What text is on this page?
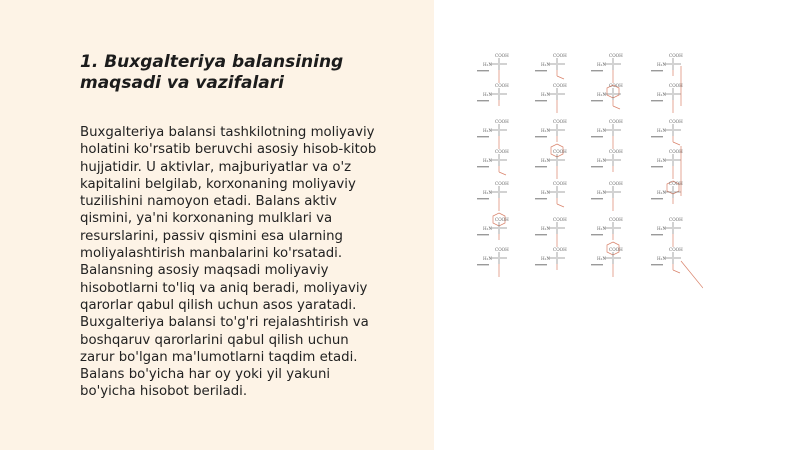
1. Buxgalteriya balansining maqsadi va vazifalari

Buxgalteriya balansi tashkilotning moliyaviy
holatini ko'rsatib beruvchi asosiy hisob-kitob
hujjatidir. U aktivlar, majburiyatlar va o'z
kapitalini belgilab, korxonaning moliyaviy
tuzilishini namoyon etadi. Balans aktiv
qismini, ya'ni korxonaning mulklari va
resurslarini, passiv qismini esa ularning
moliyalashtirish manbalarini ko'rsatadi.
Balansning asosiy maqsadi moliyaviy
hisobotlarni to'liq va aniq beradi, moliyaviy
qarorlar qabul qilish uchun asos yaratadi.
Buxgalteriya balansi to'g'ri rejalashtirish va
boshqaruv qarorlarini qabul qilish uchun
zarur bo'lgan ma'lumotlarni taqdim etadi.
Balans bo'yicha har oy yoki yil yakuni
bo'yicha hisobot beriladi.

COOH
H₂N
COOH
H₂N
COOH
H₂N
COOH
H₂N
COOH
H₂N
COOH
H₂N
COOH
H₂N
COOH
H₂N
COOH
H₂N
COOH
H₂N
COOH
H₂N
COOH
H₂N
COOH
H₂N
COOH
H₂N
COOH
H₂N
COOH
H₂N
COOH
H₂N
COOH
H₂N
COOH
H₂N
COOH
H₂N
COOH
H₂N
COOH
H₂N
COOH
H₂N
COOH
H₂N
COOH
H₂N
COOH
H₂N
COOH
H₂N
COOH
H₂N
